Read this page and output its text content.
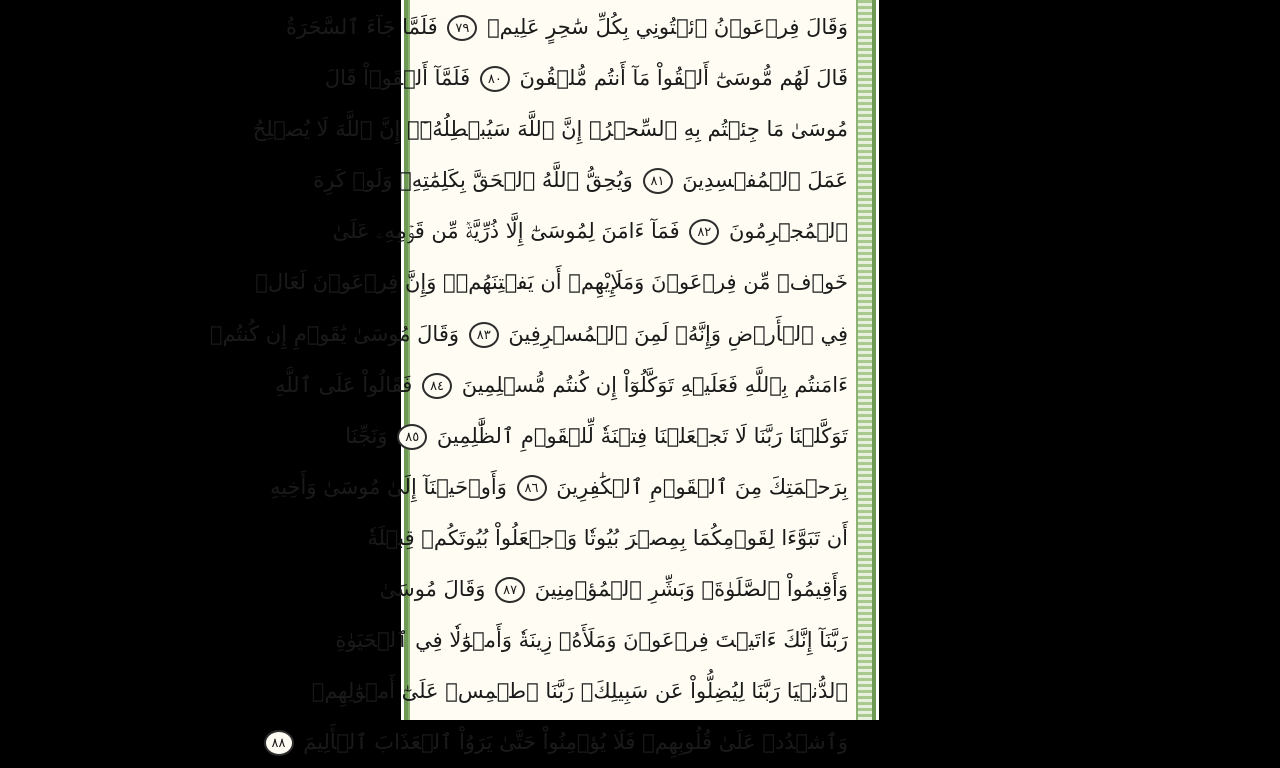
وَقَالَ فِرۡعَوۡنُ ٱئۡتُونِي بِكُلِّ سَٰحِرٍ عَلِيمٖ ٧٩ فَلَمَّا جَآءَ ٱلسَّحَرَةُ
قَالَ لَهُم مُّوسَىٰٓ أَلۡقُواْ مَآ أَنتُم مُّلۡقُونَ ٨٠ فَلَمَّآ أَلۡقَوۡاْ قَالَ
مُوسَىٰ مَا جِئۡتُم بِهِ ٱلسِّحۡرُۖ إِنَّ ٱللَّهَ سَيُبۡطِلُهُۥٓۖ إِنَّ ٱللَّهَ لَا يُصۡلِحُ
عَمَلَ ٱلۡمُفۡسِدِينَ ٨١ وَيُحِقُّ ٱللَّهُ ٱلۡحَقَّ بِكَلِمَٰتِهِۦ وَلَوۡ كَرِهَ
ٱلۡمُجۡرِمُونَ ٨٢ فَمَآ ءَامَنَ لِمُوسَىٰٓ إِلَّا ذُرِّيَّةٞ مِّن قَوۡمِهِۦ عَلَىٰ
خَوۡفٖ مِّن فِرۡعَوۡنَ وَمَلَإِيْهِمۡ أَن يَفۡتِنَهُمۡۚ وَإِنَّ فِرۡعَوۡنَ لَعَالٖ
فِي ٱلۡأَرۡضِ وَإِنَّهُۥ لَمِنَ ٱلۡمُسۡرِفِينَ ٨٣ وَقَالَ مُوسَىٰ يَٰقَوۡمِ إِن كُنتُمۡ
ءَامَنتُم بِٱللَّهِ فَعَلَيۡهِ تَوَكَّلُوٓاْ إِن كُنتُم مُّسۡلِمِينَ ٨٤ فَقَالُواْ عَلَى ٱللَّهِ
تَوَكَّلۡنَا رَبَّنَا لَا تَجۡعَلۡنَا فِتۡنَةٗ لِّلۡقَوۡمِ ٱلظَّٰلِمِينَ ٨٥ وَنَجِّنَا
بِرَحۡمَتِكَ مِنَ ٱلۡقَوۡمِ ٱلۡكَٰفِرِينَ ٨٦ وَأَوۡحَيۡنَآ إِلَىٰ مُوسَىٰ وَأَخِيهِ
أَن تَبَوَّءَا لِقَوۡمِكُمَا بِمِصۡرَ بُيُوتٗا وَٱجۡعَلُواْ بُيُوتَكُمۡ قِبۡلَةٗ
وَأَقِيمُواْ ٱلصَّلَوٰةَۗ وَبَشِّرِ ٱلۡمُؤۡمِنِينَ ٨٧ وَقَالَ مُوسَىٰ
رَبَّنَآ إِنَّكَ ءَاتَيۡتَ فِرۡعَوۡنَ وَمَلَأَهُۥ زِينَةٗ وَأَمۡوَٰلٗا فِي ٱلۡحَيَوٰةِ
ٱلدُّنۡيَا رَبَّنَا لِيُضِلُّواْ عَن سَبِيلِكَۖ رَبَّنَا ٱطۡمِسۡ عَلَىٰٓ أَمۡوَٰلِهِمۡ
وَٱشۡدُدۡ عَلَىٰ قُلُوبِهِمۡ فَلَا يُؤۡمِنُواْ حَتَّىٰ يَرَوُاْ ٱلۡعَذَابَ ٱلۡأَلِيمَ ٨٨
